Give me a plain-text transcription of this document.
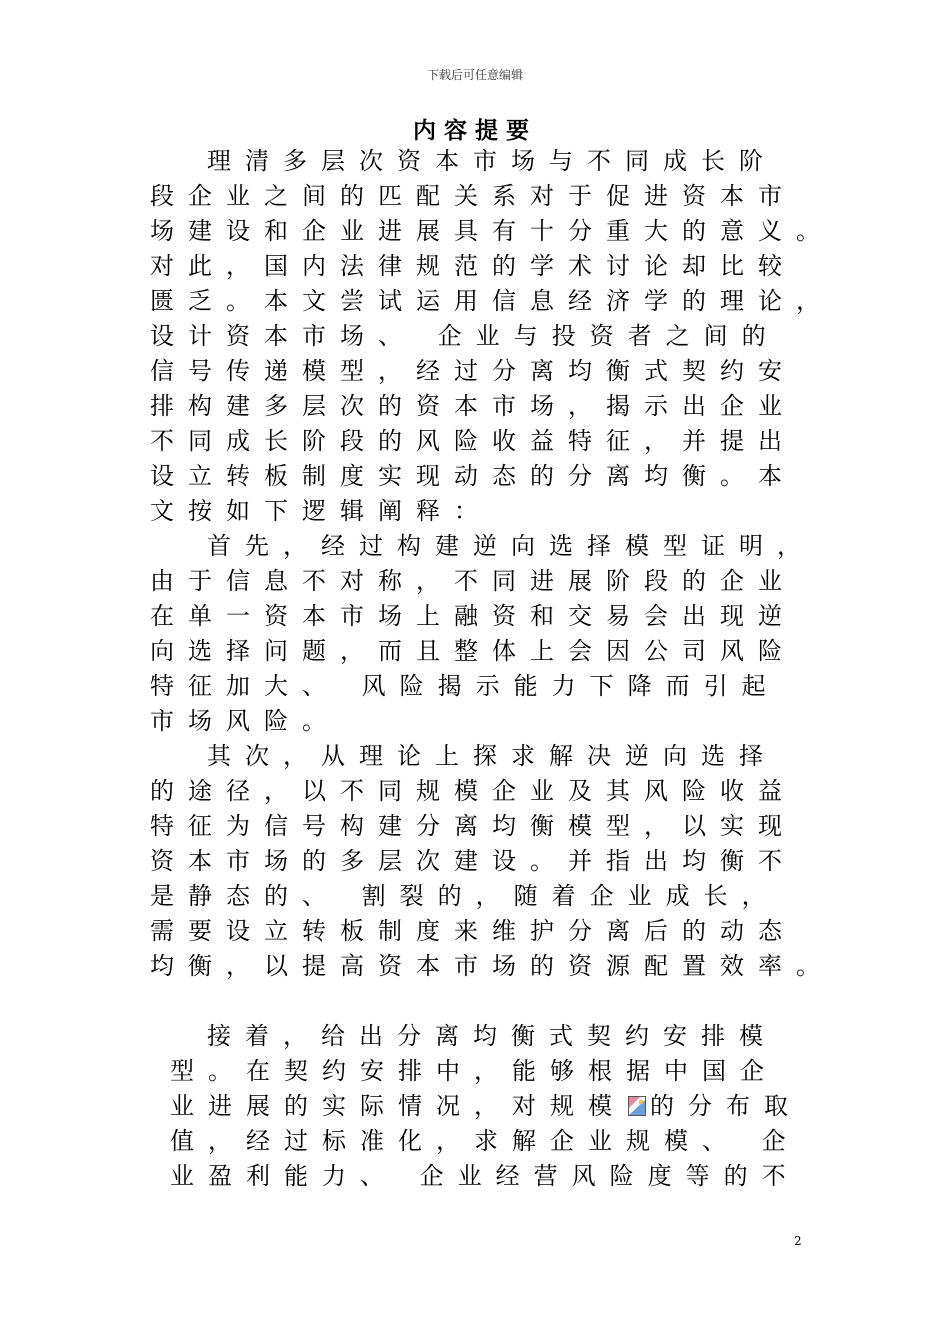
下载后可任意编辑
内容提要
理清多层次资本市场与不同成长阶
段企业之间的匹配关系对于促进资本市
场建设和企业进展具有十分重大的意义。
对此，国内法律规范的学术讨论却比较
匮乏。本文尝试运用信息经济学的理论，
设计资本市场、 企业与投资者之间的
信号传递模型，经过分离均衡式契约安
排构建多层次的资本市场，揭示出企业
不同成长阶段的风险收益特征，并提出
设立转板制度实现动态的分离均衡。本
文按如下逻辑阐释：
首先，经过构建逆向选择模型证明，
由于信息不对称，不同进展阶段的企业
在单一资本市场上融资和交易会出现逆
向选择问题，而且整体上会因公司风险
特征加大、 风险揭示能力下降而引起
市场风险。
其次，从理论上探求解决逆向选择
的途径，以不同规模企业及其风险收益
特征为信号构建分离均衡模型，以实现
资本市场的多层次建设。并指出均衡不
是静态的、 割裂的，随着企业成长，
需要设立转板制度来维护分离后的动态
均衡，以提高资本市场的资源配置效率。
接着，给出分离均衡式契约安排模
型。在契约安排中，能够根据中国企
业进展的实际情况，对规模 的分布取
值，经过标准化，求解企业规模、 企
业盈利能力、 企业经营风险度等的不
2
